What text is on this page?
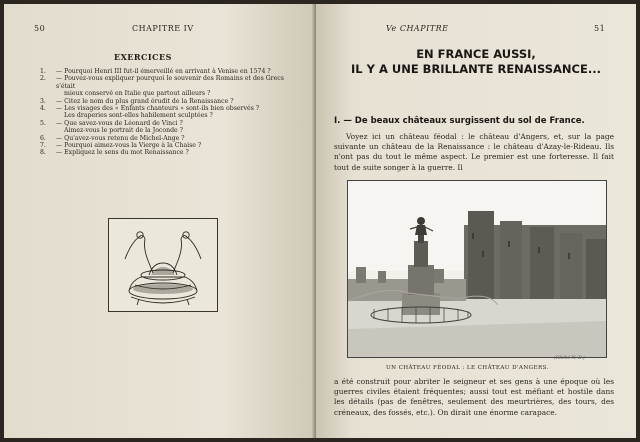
50	CHAPITRE IV
EXERCICES
1. — Pourquoi Henri III fut-il émerveillé en arrivant à Venise en 1574 ?
2. — Pouvez-vous expliquer pourquoi le souvenir des Romains et des Grecs s'était
mieux conservé en Italie que partout ailleurs ?
3. — Citez le nom du plus grand érudit de la Renaissance ?
4. — Les visages des « Enfants chanteurs » sont-ils bien observés ?
Les draperies sont-elles habilement sculptées ?
5. — Que savez-vous de Léonard de Vinci ?
Aimez-vous le portrait de la Joconde ?
6. — Qu'avez-vous retenu de Michel-Ange ?
7. — Pourquoi aimez-vous la Vierge à la Chaise ?
8. — Expliquez le sens du mot Renaissance ?
Ve CHAPITRE	51
EN FRANCE AUSSI,
IL Y A UNE BRILLANTE RENAISSANCE...
I. — De beaux châteaux surgissent du sol de France.

Voyez ici un château féodal : le château d'Angers, et, sur la page suivante un château de la Renaissance : le château d'Azay-le-Rideau. Ils n'ont pas du tout le même aspect. Le premier est une forteresse. Il fait tout de suite songer à la guerre. Il

(Cliché N. D.)
UN CHÂTEAU FÉODAL : LE CHÂTEAU D'ANGERS.

a été construit pour abriter le seigneur et ses gens à une époque où les guerres civiles étaient fréquentes; aussi tout est méfiant et hostile dans les détails (pas de fenêtres, seulement des meurtrières, des tours, des créneaux, des fossés, etc.). On dirait une énorme carapace.
